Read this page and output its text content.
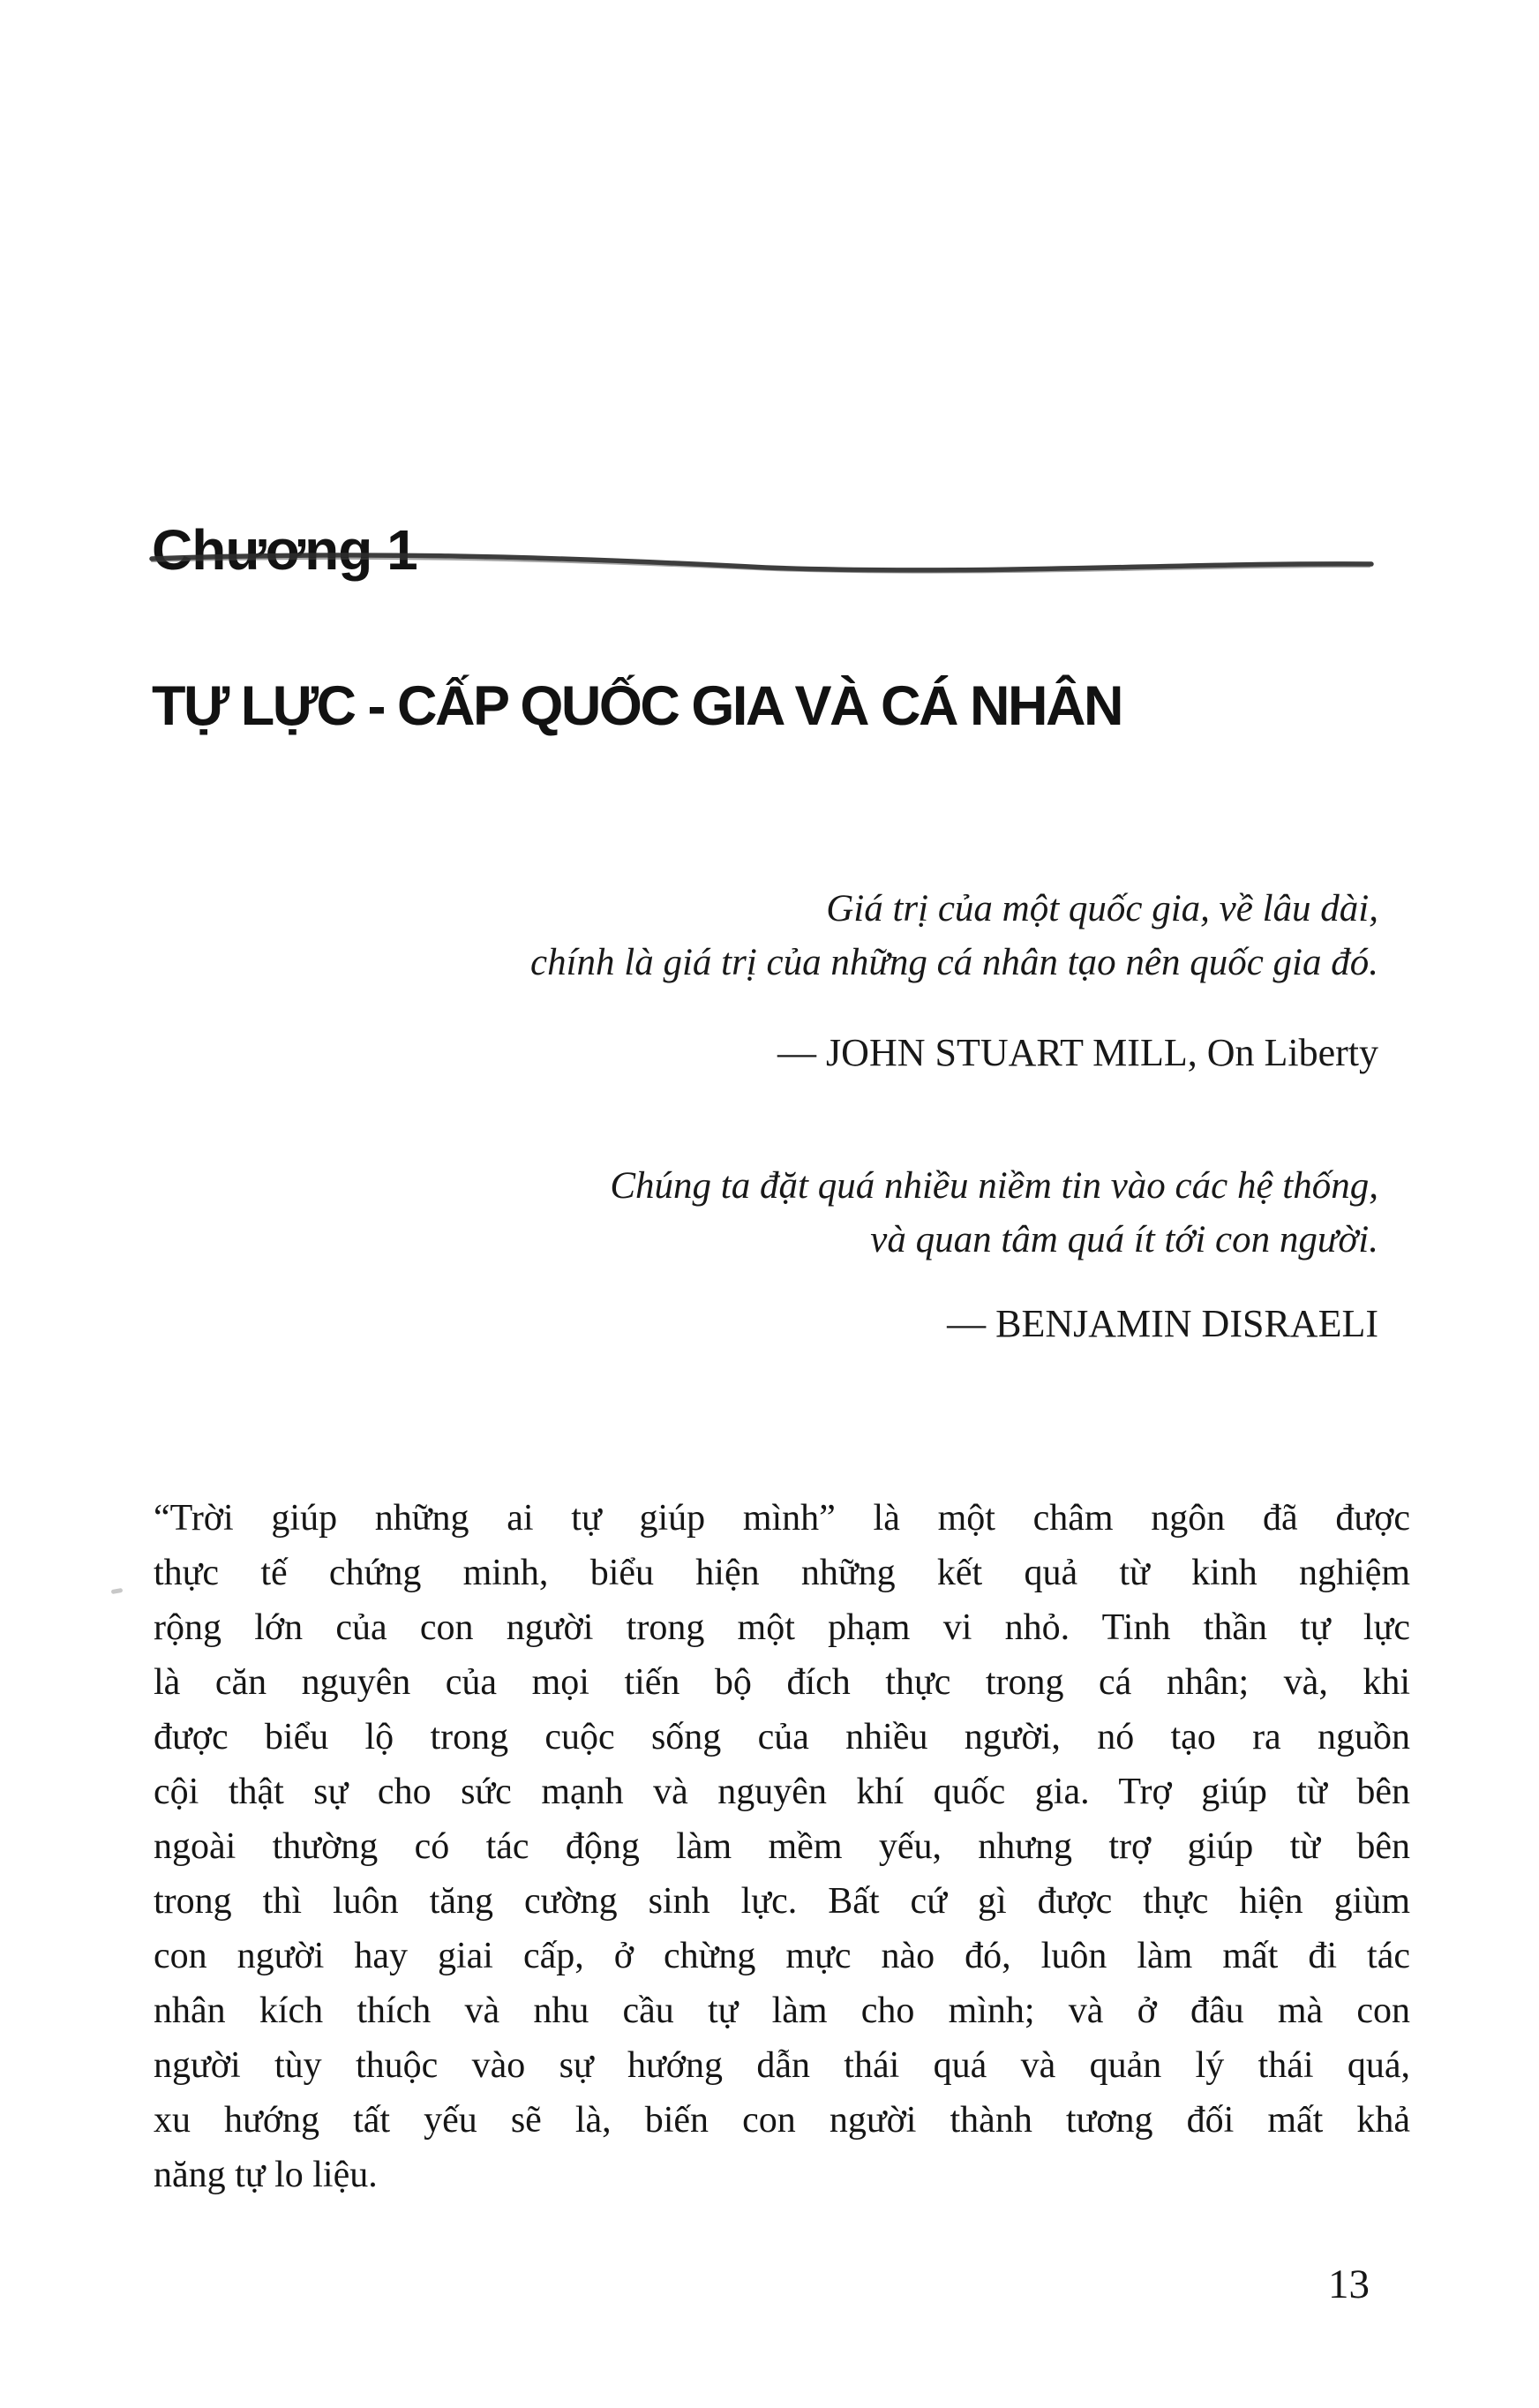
Chương 1
TỰ LỰC - CẤP QUỐC GIA VÀ CÁ NHÂN
Giá trị của một quốc gia, về lâu dài,
chính là giá trị của những cá nhân tạo nên quốc gia đó.
— JOHN STUART MILL, On Liberty
Chúng ta đặt quá nhiều niềm tin vào các hệ thống,
và quan tâm quá ít tới con người.
— BENJAMIN DISRAELI
“Trời giúp những ai tự giúp mình” là một châm ngôn đã được
thực tế chứng minh, biểu hiện những kết quả từ kinh nghiệm
rộng lớn của con người trong một phạm vi nhỏ. Tinh thần tự lực
là căn nguyên của mọi tiến bộ đích thực trong cá nhân; và, khi
được biểu lộ trong cuộc sống của nhiều người, nó tạo ra nguồn
cội thật sự cho sức mạnh và nguyên khí quốc gia. Trợ giúp từ bên
ngoài thường có tác động làm mềm yếu, nhưng trợ giúp từ bên
trong thì luôn tăng cường sinh lực. Bất cứ gì được thực hiện giùm
con người hay giai cấp, ở chừng mực nào đó, luôn làm mất đi tác
nhân kích thích và nhu cầu tự làm cho mình; và ở đâu mà con
người tùy thuộc vào sự hướng dẫn thái quá và quản lý thái quá,
xu hướng tất yếu sẽ là, biến con người thành tương đối mất khả
năng tự lo liệu.
13
